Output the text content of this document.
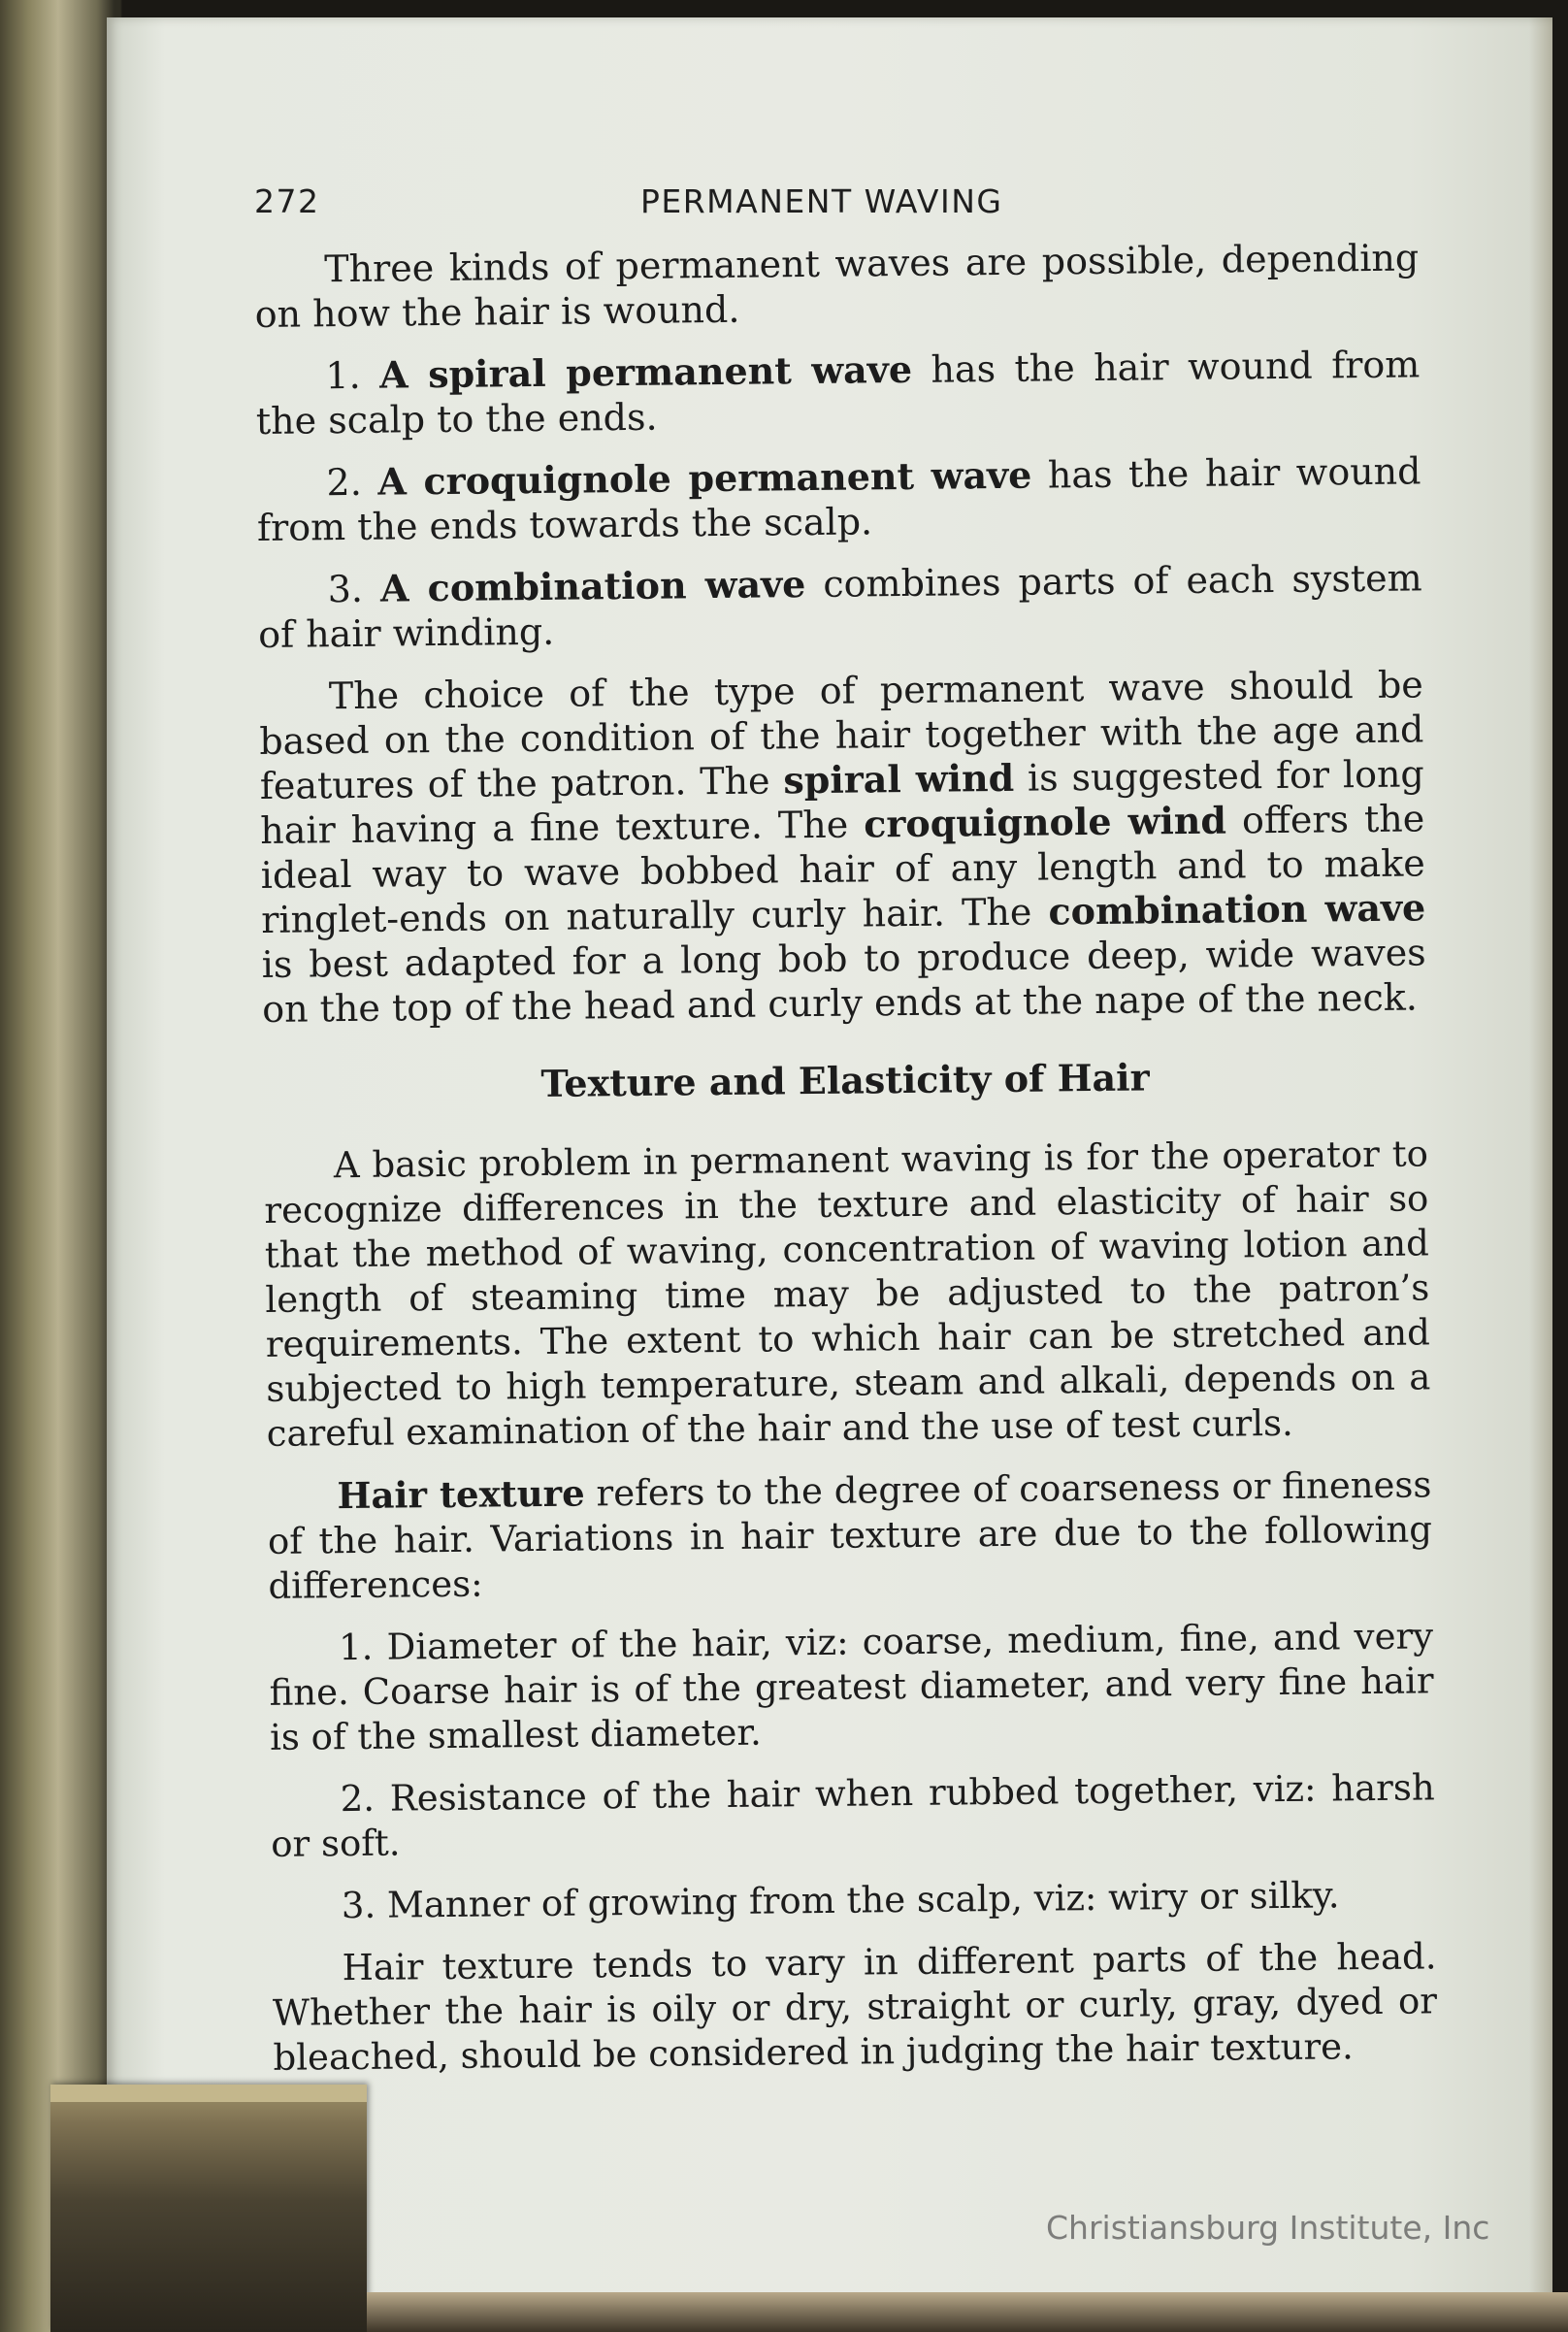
272	PERMANENT WAVING

Three kinds of permanent waves are possible, depending on how the hair is wound.

1. A spiral permanent wave has the hair wound from the scalp to the ends.

2. A croquignole permanent wave has the hair wound from the ends towards the scalp.

3. A combination wave combines parts of each system of hair winding.

The choice of the type of permanent wave should be based on the condition of the hair together with the age and features of the patron. The spiral wind is suggested for long hair having a fine texture. The croquignole wind offers the ideal way to wave bobbed hair of any length and to make ringlet-ends on naturally curly hair. The combination wave is best adapted for a long bob to produce deep, wide waves on the top of the head and curly ends at the nape of the neck.

Texture and Elasticity of Hair

A basic problem in permanent waving is for the operator to recognize differences in the texture and elasticity of hair so that the method of waving, concentration of waving lotion and length of steaming time may be adjusted to the patron’s requirements. The extent to which hair can be stretched and subjected to high temperature, steam and alkali, depends on a careful examination of the hair and the use of test curls.

Hair texture refers to the degree of coarseness or fineness of the hair. Variations in hair texture are due to the following differences:

1. Diameter of the hair, viz: coarse, medium, fine, and very fine. Coarse hair is of the greatest diameter, and very fine hair is of the smallest diameter.

2. Resistance of the hair when rubbed together, viz: harsh or soft.

3. Manner of growing from the scalp, viz: wiry or silky.

Hair texture tends to vary in different parts of the head. Whether the hair is oily or dry, straight or curly, gray, dyed or bleached, should be considered in judging the hair texture.

Christiansburg Institute, Inc
